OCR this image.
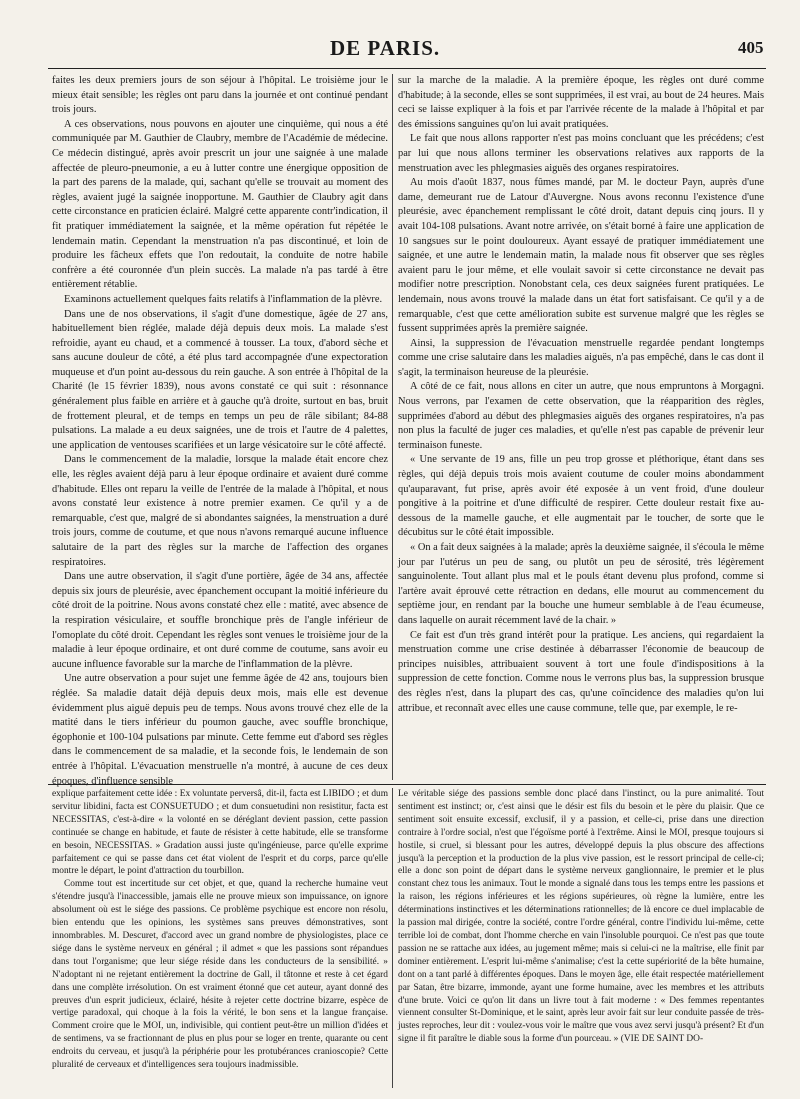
DE PARIS.	405

faites les deux premiers jours de son séjour à l'hôpital. Le troisième jour le mieux était sensible; les règles ont paru dans la journée et ont continué pendant trois jours.

A ces observations, nous pouvons en ajouter une cinquième, qui nous a été communiquée par M. Gauthier de Claubry, membre de l'Académie de médecine. Ce médecin distingué, après avoir prescrit un jour une saignée à une malade affectée de pleuro-pneumonie, a eu à lutter contre une énergique opposition de la part des parens de la malade, qui, sachant qu'elle se trouvait au moment des règles, avaient jugé la saignée inopportune. M. Gauthier de Claubry agit dans cette circonstance en praticien éclairé. Malgré cette apparente contr'indication, il fit pratiquer immédiatement la saignée, et la même opération fut répétée le lendemain matin. Cependant la menstruation n'a pas discontinué, et loin de produire les fâcheux effets que l'on redoutait, la conduite de notre habile confrère a été couronnée d'un plein succès. La malade n'a pas tardé à être entièrement rétablie.

Examinons actuellement quelques faits relatifs à l'inflammation de la plèvre.

Dans une de nos observations, il s'agit d'une domestique, âgée de 27 ans, habituellement bien réglée, malade déjà depuis deux mois. La malade s'est refroidie, ayant eu chaud, et a commencé à tousser. La toux, d'abord sèche et sans aucune douleur de côté, a été plus tard accompagnée d'une expectoration muqueuse et d'un point au-dessous du rein gauche. A son entrée à l'hôpital de la Charité (le 15 février 1839), nous avons constaté ce qui suit : résonnance généralement plus faible en arrière et à gauche qu'à droite, surtout en bas, bruit de frottement pleural, et de temps en temps un peu de râle sibilant; 84-88 pulsations. La malade a eu deux saignées, une de trois et l'autre de 4 palettes, une application de ventouses scarifiées et un large vésicatoire sur le côté affecté.

Dans le commencement de la maladie, lorsque la malade était encore chez elle, les règles avaient déjà paru à leur époque ordinaire et avaient duré comme d'habitude. Elles ont reparu la veille de l'entrée de la malade à l'hôpital, et nous avons constaté leur existence à notre premier examen. Ce qu'il y a de remarquable, c'est que, malgré de si abondantes saignées, la menstruation a duré trois jours, comme de coutume, et que nous n'avons remarqué aucune influence salutaire de la part des règles sur la marche de l'affection des organes respiratoires.

Dans une autre observation, il s'agit d'une portière, âgée de 34 ans, affectée depuis six jours de pleurésie, avec épanchement occupant la moitié inférieure du côté droit de la poitrine. Nous avons constaté chez elle : matité, avec absence de la respiration vésiculaire, et souffle bronchique près de l'angle inférieur de l'omoplate du côté droit. Cependant les règles sont venues le troisième jour de la maladie à leur époque ordinaire, et ont duré comme de coutume, sans avoir eu aucune influence favorable sur la marche de l'inflammation de la plèvre.

Une autre observation a pour sujet une femme âgée de 42 ans, toujours bien réglée. Sa maladie datait déjà depuis deux mois, mais elle est devenue évidemment plus aiguë depuis peu de temps. Nous avons trouvé chez elle de la matité dans le tiers inférieur du poumon gauche, avec souffle bronchique, égophonie et 100-104 pulsations par minute. Cette femme eut d'abord ses règles dans le commencement de sa maladie, et la seconde fois, le lendemain de son entrée à l'hôpital. L'évacuation menstruelle n'a montré, à aucune de ces deux époques, d'influence sensible

sur la marche de la maladie. A la première époque, les règles ont duré comme d'habitude; à la seconde, elles se sont supprimées, il est vrai, au bout de 24 heures. Mais ceci se laisse expliquer à la fois et par l'arrivée récente de la malade à l'hôpital et par des émissions sanguines qu'on lui avait pratiquées.

Le fait que nous allons rapporter n'est pas moins concluant que les précédens; c'est par lui que nous allons terminer les observations relatives aux rapports de la menstruation avec les phlegmasies aiguës des organes respiratoires.

Au mois d'août 1837, nous fûmes mandé, par M. le docteur Payn, auprès d'une dame, demeurant rue de Latour d'Auvergne. Nous avons reconnu l'existence d'une pleurésie, avec épanchement remplissant le côté droit, datant depuis cinq jours. Il y avait 104-108 pulsations. Avant notre arrivée, on s'était borné à faire une application de 10 sangsues sur le point douloureux. Ayant essayé de pratiquer immédiatement une saignée, et une autre le lendemain matin, la malade nous fit observer que ses règles avaient paru le jour même, et elle voulait savoir si cette circonstance ne devait pas modifier notre prescription. Nonobstant cela, ces deux saignées furent pratiquées. Le lendemain, nous avons trouvé la malade dans un état fort satisfaisant. Ce qu'il y a de remarquable, c'est que cette amélioration subite est survenue malgré que les règles se fussent supprimées après la première saignée.

Ainsi, la suppression de l'évacuation menstruelle regardée pendant longtemps comme une crise salutaire dans les maladies aiguës, n'a pas empêché, dans le cas dont il s'agit, la terminaison heureuse de la pleurésie.

A côté de ce fait, nous allons en citer un autre, que nous empruntons à Morgagni. Nous verrons, par l'examen de cette observation, que la réapparition des règles, supprimées d'abord au début des phlegmasies aiguës des organes respiratoires, n'a pas non plus la faculté de juger ces maladies, et qu'elle n'est pas capable de prévenir leur terminaison funeste.

« Une servante de 19 ans, fille un peu trop grosse et pléthorique, étant dans ses règles, qui déjà depuis trois mois avaient coutume de couler moins abondamment qu'auparavant, fut prise, après avoir été exposée à un vent froid, d'une douleur pongitive à la poitrine et d'une difficulté de respirer. Cette douleur restait fixe au-dessous de la mamelle gauche, et elle augmentait par le toucher, de sorte que le décubitus sur le côté était impossible.

« On a fait deux saignées à la malade; après la deuxième saignée, il s'écoula le même jour par l'utérus un peu de sang, ou plutôt un peu de sérosité, très légèrement sanguinolente. Tout allant plus mal et le pouls étant devenu plus profond, comme si l'artère avait éprouvé cette rétraction en dedans, elle mourut au commencement du septième jour, en rendant par la bouche une humeur semblable à de l'eau écumeuse, dans laquelle on aurait récemment lavé de la chair. »

Ce fait est d'un très grand intérêt pour la pratique. Les anciens, qui regardaient la menstruation comme une crise destinée à débarrasser l'économie de beaucoup de principes nuisibles, attribuaient souvent à tort une foule d'indispositions à la suppression de cette fonction. Comme nous le verrons plus bas, la suppression brusque des règles n'est, dans la plupart des cas, qu'une coïncidence des maladies qu'on lui attribue, et reconnaît avec elles une cause commune, telle que, par exemple, le re-

explique parfaitement cette idée : Ex voluntate perversâ, dit-il, facta est LIBIDO ; et dum servitur libidini, facta est CONSUETUDO ; et dum consuetudini non resistitur, facta est NECESSITAS, c'est-à-dire « la volonté en se déréglant devient passion, cette passion continuée se change en habitude, et faute de résister à cette habitude, elle se transforme en besoin, NECESSITAS. » Gradation aussi juste qu'ingénieuse, parce qu'elle exprime parfaitement ce qui se passe dans cet état violent de l'esprit et du corps, parce qu'elle montre le départ, le point d'attraction du tourbillon.

Comme tout est incertitude sur cet objet, et que, quand la recherche humaine veut s'étendre jusqu'à l'inaccessible, jamais elle ne prouve mieux son impuissance, on ignore absolument où est le siége des passions. Ce problème psychique est encore non résolu, bien entendu que les opinions, les systèmes sans preuves démonstratives, sont innombrables. M. Descuret, d'accord avec un grand nombre de physiologistes, place ce siége dans le système nerveux en général ; il admet « que les passions sont répandues dans tout l'organisme; que leur siége réside dans les conducteurs de la sensibilité. » N'adoptant ni ne rejetant entièrement la doctrine de Gall, il tâtonne et reste à cet égard dans une complète irrésolution. On est vraiment étonné que cet auteur, ayant donné des preuves d'un esprit judicieux, éclairé, hésite à rejeter cette doctrine bizarre, espèce de vertige paradoxal, qui choque à la fois la vérité, le bon sens et la langue française. Comment croire que le MOI, un, indivisible, qui contient peut-être un million d'idées et de sentimens, va se fractionnant de plus en plus pour se loger en trente, quarante ou cent endroits du cerveau, et jusqu'à la périphérie pour les protubérances cranioscopie? Cette pluralité de cerveaux et d'intelligences sera toujours inadmissible.

Le véritable siége des passions semble donc placé dans l'instinct, ou la pure animalité. Tout sentiment est instinct; or, c'est ainsi que le désir est fils du besoin et le père du plaisir. Que ce sentiment soit ensuite excessif, exclusif, il y a passion, et celle-ci, prise dans une direction contraire à l'ordre social, n'est que l'égoïsme porté à l'extrême. Ainsi le MOI, presque toujours si hostile, si cruel, si blessant pour les autres, développé depuis la plus obscure des affections jusqu'à la perception et la production de la plus vive passion, est le ressort principal de celle-ci; elle a donc son point de départ dans le système nerveux ganglionnaire, le premier et le plus constant chez tous les animaux. Tout le monde a signalé dans tous les temps entre les passions et la raison, les régions inférieures et les régions supérieures, où règne la lumière, entre les déterminations instinctives et les déterminations rationnelles; de là encore ce duel implacable de la passion mal dirigée, contre la société, contre l'ordre général, contre l'individu lui-même, cette terrible loi de combat, dont l'homme cherche en vain l'insoluble pourquoi. Ce n'est pas que toute passion ne se rattache aux idées, au jugement même; mais si celui-ci ne la maîtrise, elle finit par dominer entièrement. L'esprit lui-même s'animalise; c'est la cette supériorité de la bête humaine, dont on a tant parlé à différentes époques. Dans le moyen âge, elle était respectée matériellement par Satan, être bizarre, immonde, ayant une forme humaine, avec les membres et les attributs d'une brute. Voici ce qu'on lit dans un livre tout à fait moderne : « Des femmes repentantes viennent consulter St-Dominique, et le saint, après leur avoir fait sur leur conduite passée de très-justes reproches, leur dit : voulez-vous voir le maître que vous avez servi jusqu'à présent? Et d'un signe il fit paraître le diable sous la forme d'un pourceau. » (VIE DE SAINT DO-
